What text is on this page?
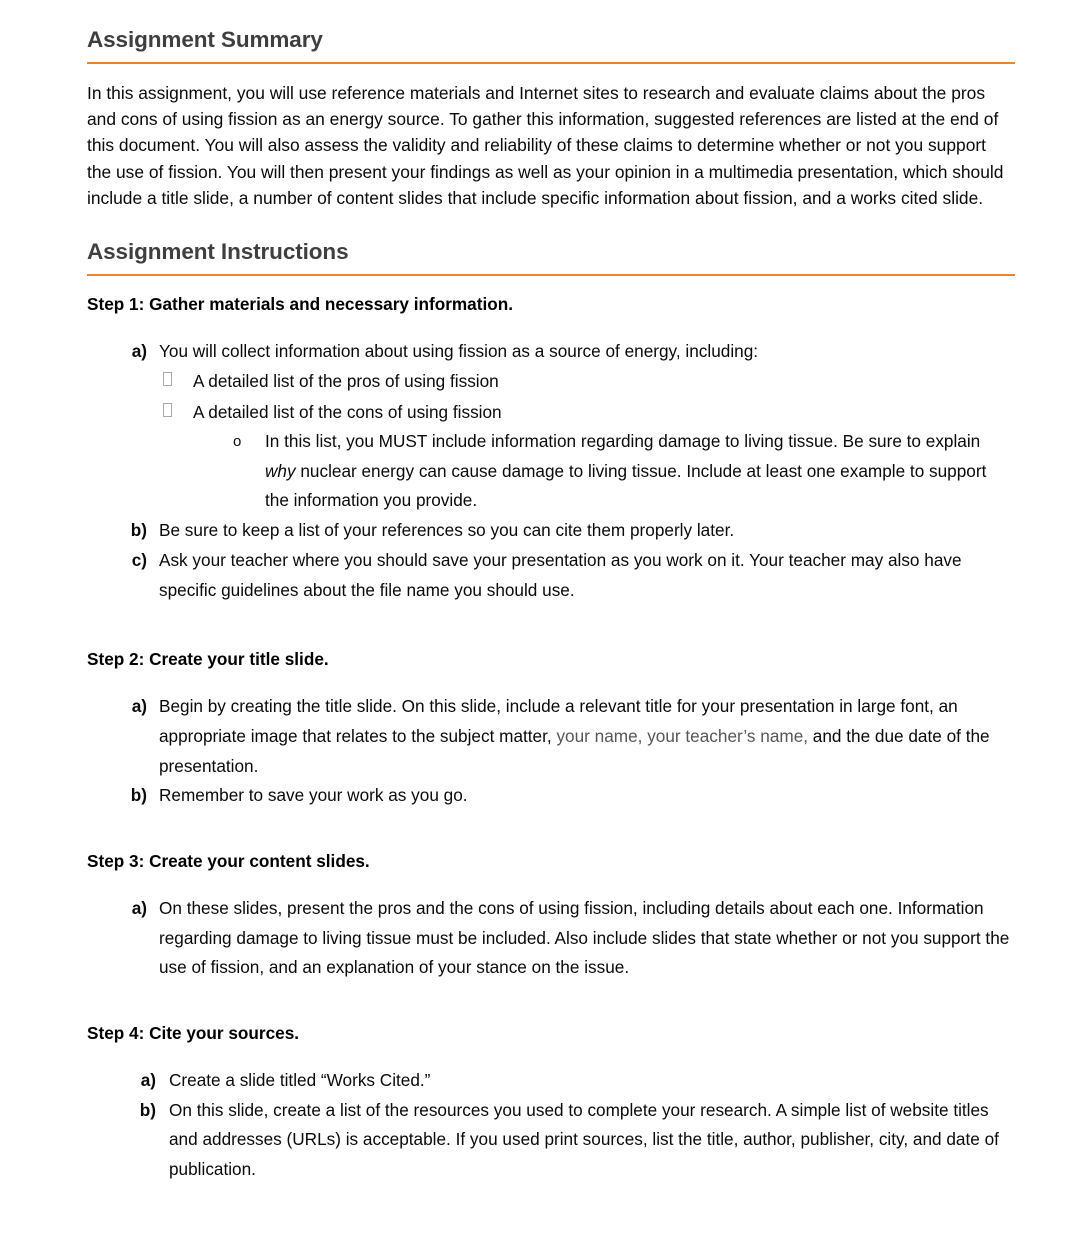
Assignment Summary

In this assignment, you will use reference materials and Internet sites to research and evaluate claims about the pros and cons of using fission as an energy source. To gather this information, suggested references are listed at the end of this document. You will also assess the validity and reliability of these claims to determine whether or not you support the use of fission. You will then present your findings as well as your opinion in a multimedia presentation, which should include a title slide, a number of content slides that include specific information about fission, and a works cited slide.

Assignment Instructions
Step 1: Gather materials and necessary information.
a) You will collect information about using fission as a source of energy, including:
A detailed list of the pros of using fission
A detailed list of the cons of using fission
o In this list, you MUST include information regarding damage to living tissue. Be sure to explain why nuclear energy can cause damage to living tissue. Include at least one example to support the information you provide.
b) Be sure to keep a list of your references so you can cite them properly later.
c) Ask your teacher where you should save your presentation as you work on it. Your teacher may also have specific guidelines about the file name you should use.
Step 2: Create your title slide.
a) Begin by creating the title slide. On this slide, include a relevant title for your presentation in large font, an appropriate image that relates to the subject matter, your name, your teacher’s name, and the due date of the presentation.
b) Remember to save your work as you go.
Step 3: Create your content slides.
a) On these slides, present the pros and the cons of using fission, including details about each one. Information regarding damage to living tissue must be included. Also include slides that state whether or not you support the use of fission, and an explanation of your stance on the issue.
Step 4: Cite your sources.
a) Create a slide titled “Works Cited.”
b) On this slide, create a list of the resources you used to complete your research. A simple list of website titles and addresses (URLs) is acceptable. If you used print sources, list the title, author, publisher, city, and date of publication.
